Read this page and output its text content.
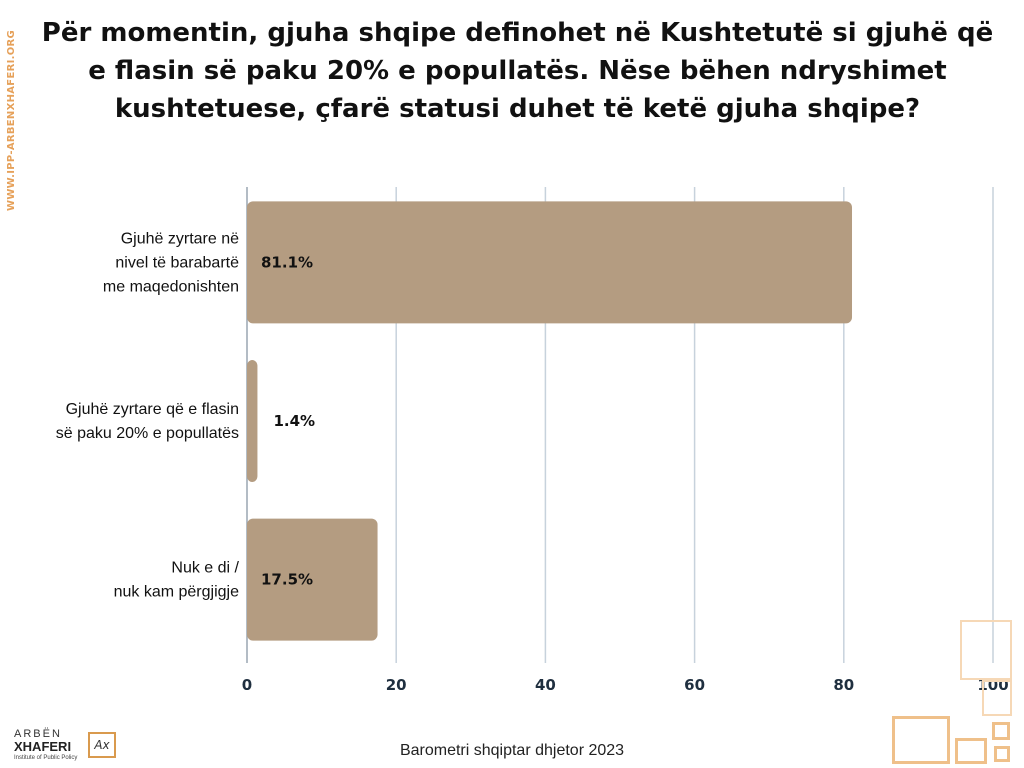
WWW.IPP-ARBENXHAFERI.ORG Për momentin, gjuha shqipe definohet në Kushtetutë si gjuhë që
e flasin së paku 20% e popullatës. Nëse bëhen ndryshimet
kushtetuese, çfarë statusi duhet të ketë gjuha shqipe?
0	20	40	60	80	100
81.1%
Gjuhë zyrtare në
nivel të barabartë
me maqedonishten
1.4%
Gjuhë zyrtare që e flasin
së paku 20% e popullatës
17.5%
Nuk e di /
nuk kam përgjigje
Barometri shqiptar dhjetor 2023
ARBËN
XHAFERI
Institute of Public Policy
Ax
